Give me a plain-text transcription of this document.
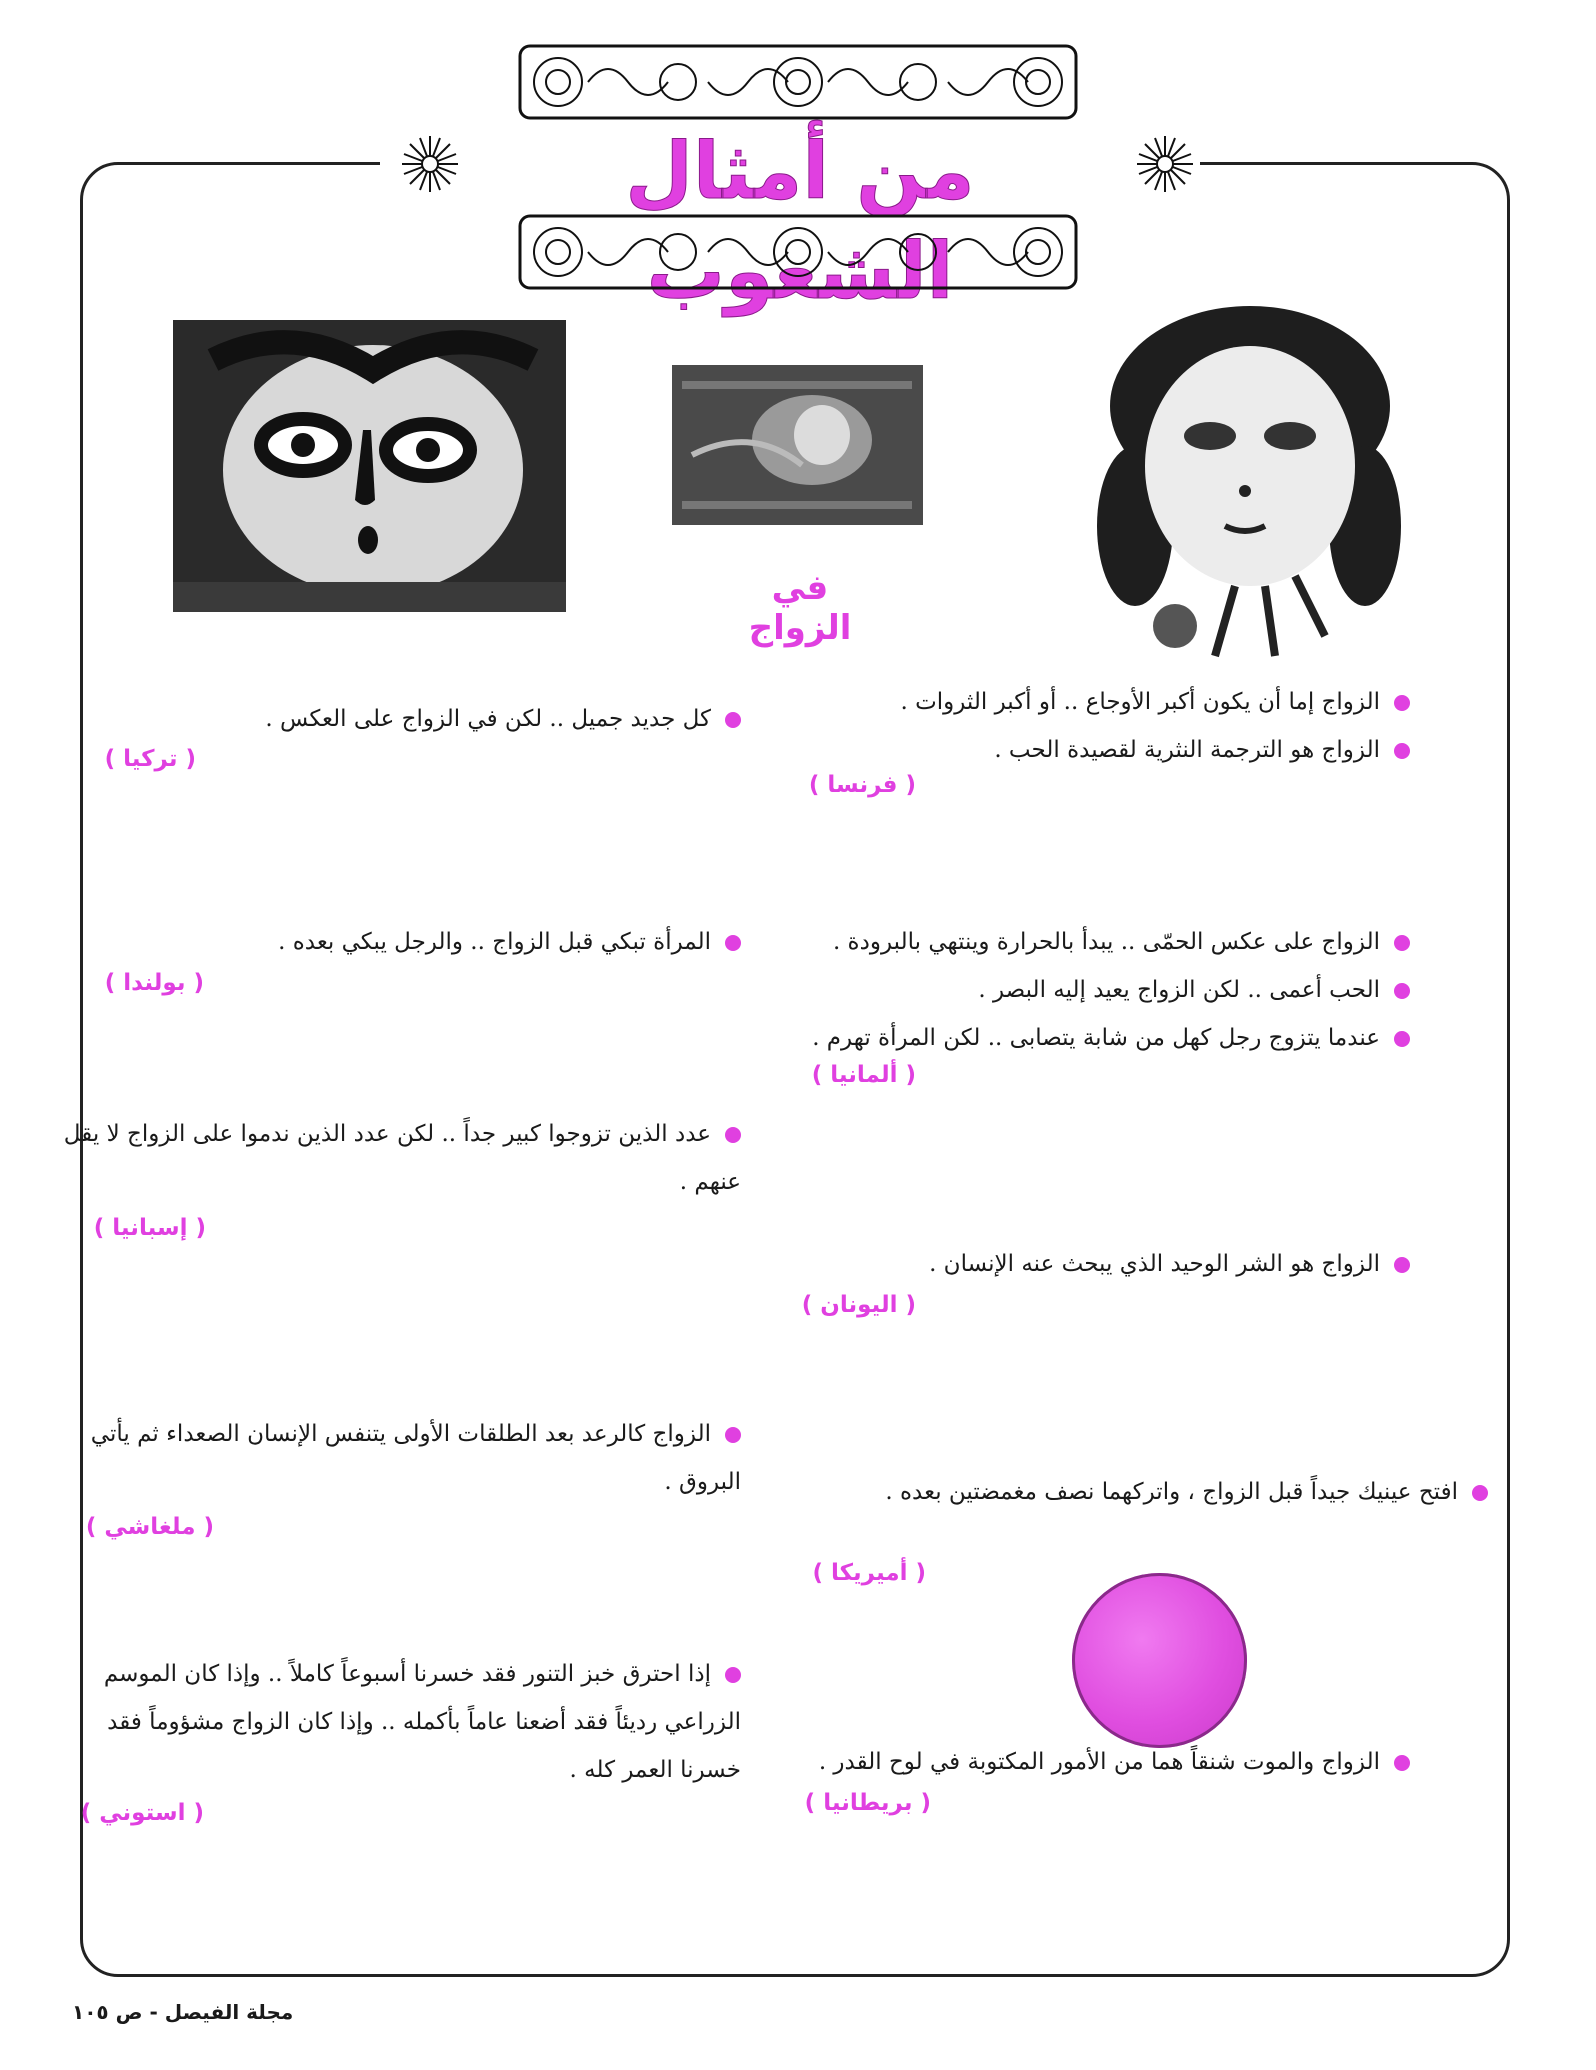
من أمثال الشعوب
في الزواج
الزواج إما أن يكون أكبر الأوجاع .. أو أكبر الثروات .
الزواج هو الترجمة النثرية لقصيدة الحب .
( فرنسا )
الزواج على عكس الحمّى .. يبدأ بالحرارة وينتهي بالبرودة .
الحب أعمى .. لكن الزواج يعيد إليه البصر .
عندما يتزوج رجل كهل من شابة يتصابى .. لكن المرأة تهرم .
( ألمانيا )
الزواج هو الشر الوحيد الذي يبحث عنه الإنسان .
( اليونان )
افتح عينيك جيداً قبل الزواج ، واتركهما نصف مغمضتين بعده .
( أميريكا )
الزواج والموت شنقاً هما من الأمور المكتوبة في لوح القدر .
( بريطانيا )
كل جديد جميل .. لكن في الزواج على العكس .
( تركيا )
المرأة تبكي قبل الزواج .. والرجل يبكي بعده .
( بولندا )
عدد الذين تزوجوا كبير جداً .. لكن عدد الذين ندموا على الزواج لا يقل عنهم .
( إسبانيا )
الزواج كالرعد بعد الطلقات الأولى يتنفس الإنسان الصعداء ثم يأتي البروق .
( ملغاشي )
إذا احترق خبز التنور فقد خسرنا أسبوعاً كاملاً .. وإذا كان الموسم الزراعي رديئاً فقد أضعنا عاماً بأكمله .. وإذا كان الزواج مشؤوماً فقد خسرنا العمر كله .
( استوني )
مجلة الفيصل - ص ١٠٥
